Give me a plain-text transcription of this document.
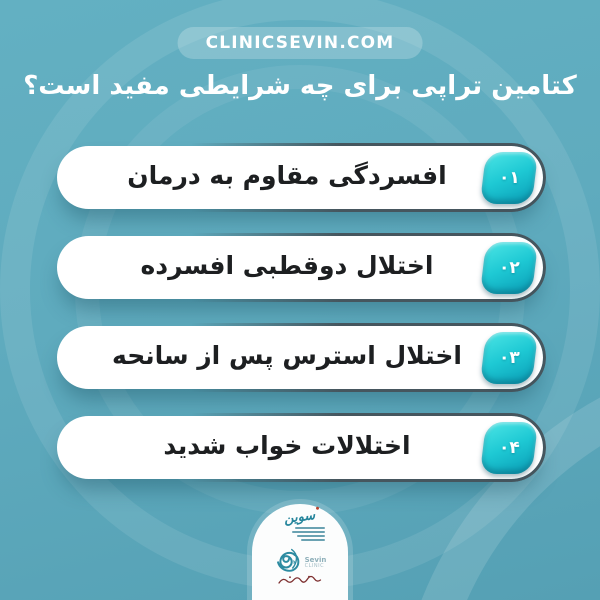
CLINICSEVIN.COM
کتامین تراپی برای چه شرایطی مفید است؟
افسردگی مقاوم به درمان	۰۱
اختلال دوقطبی افسرده	۰۲
اختلال استرس پس از سانحه	۰۳
اختلالات خواب شدید	۰۴
سوین
Sevin
CLINIC
